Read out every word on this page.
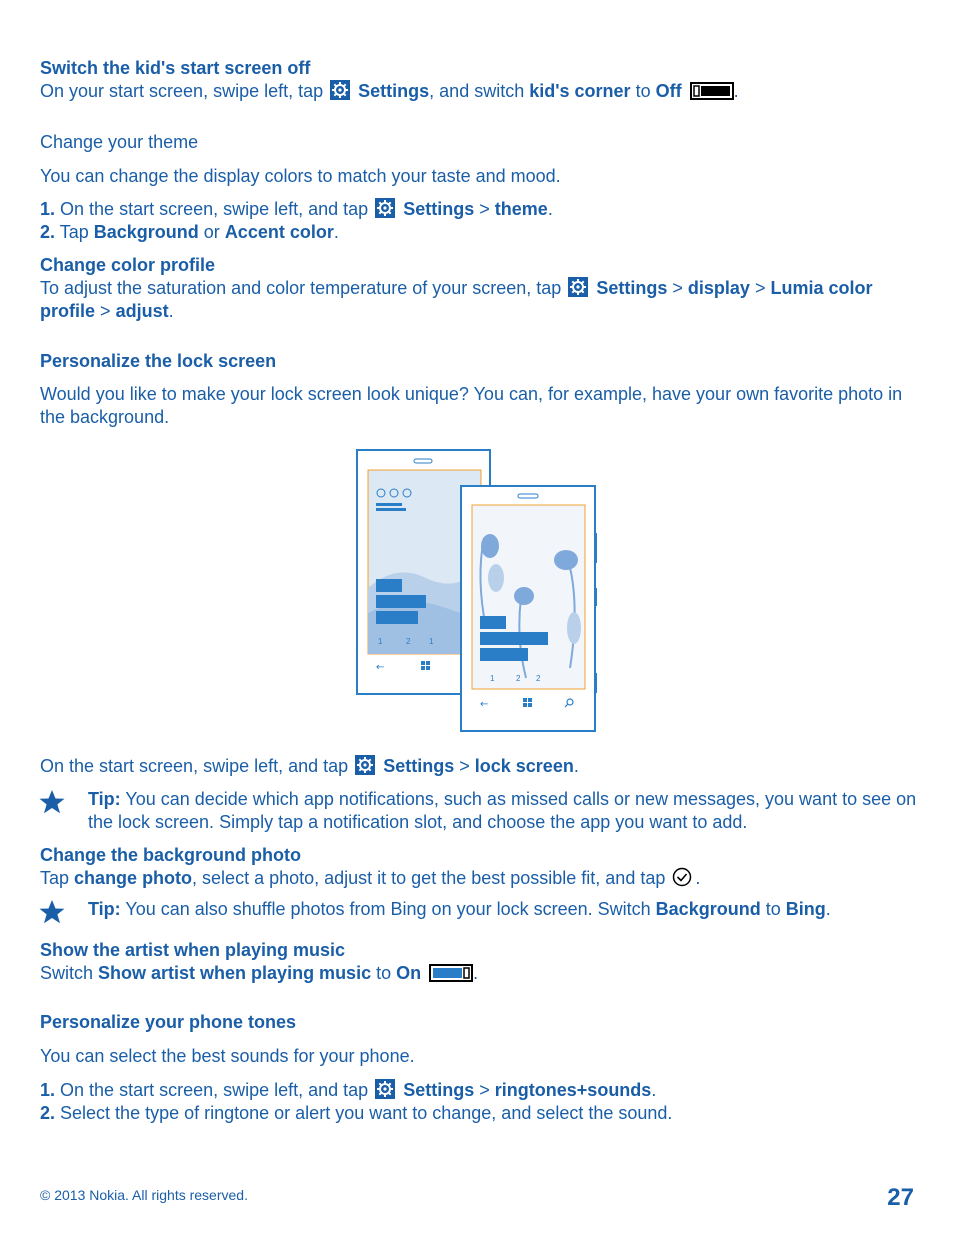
Switch the kid's start screen off
On your start screen, swipe left, tap Settings, and switch kid's corner to Off	.
Change your theme
You can change the display colors to match your taste and mood.
1. On the start screen, swipe left, and tap Settings > theme.
2. Tap Background or Accent color.
Change color profile
To adjust the saturation and color temperature of your screen, tap Settings > display > Lumia color profile > adjust.
Personalize the lock screen
Would you like to make your lock screen look unique? You can, for example, have your own favorite photo in the background.
1	2 1
←
1	2 2
←
On the start screen, swipe left, and tap Settings > lock screen.
Tip: You can decide which app notifications, such as missed calls or new messages, you want to see on the lock screen. Simply tap a notification slot, and choose the app you want to add.
Change the background photo
Tap change photo, select a photo, adjust it to get the best possible fit, and tap .
Tip: You can also shuffle photos from Bing on your lock screen. Switch Background to Bing.
Show the artist when playing music
Switch Show artist when playing music to On	.
Personalize your phone tones
You can select the best sounds for your phone.
1. On the start screen, swipe left, and tap Settings > ringtones+sounds.
2. Select the type of ringtone or alert you want to change, and select the sound.
© 2013 Nokia. All rights reserved.	27
